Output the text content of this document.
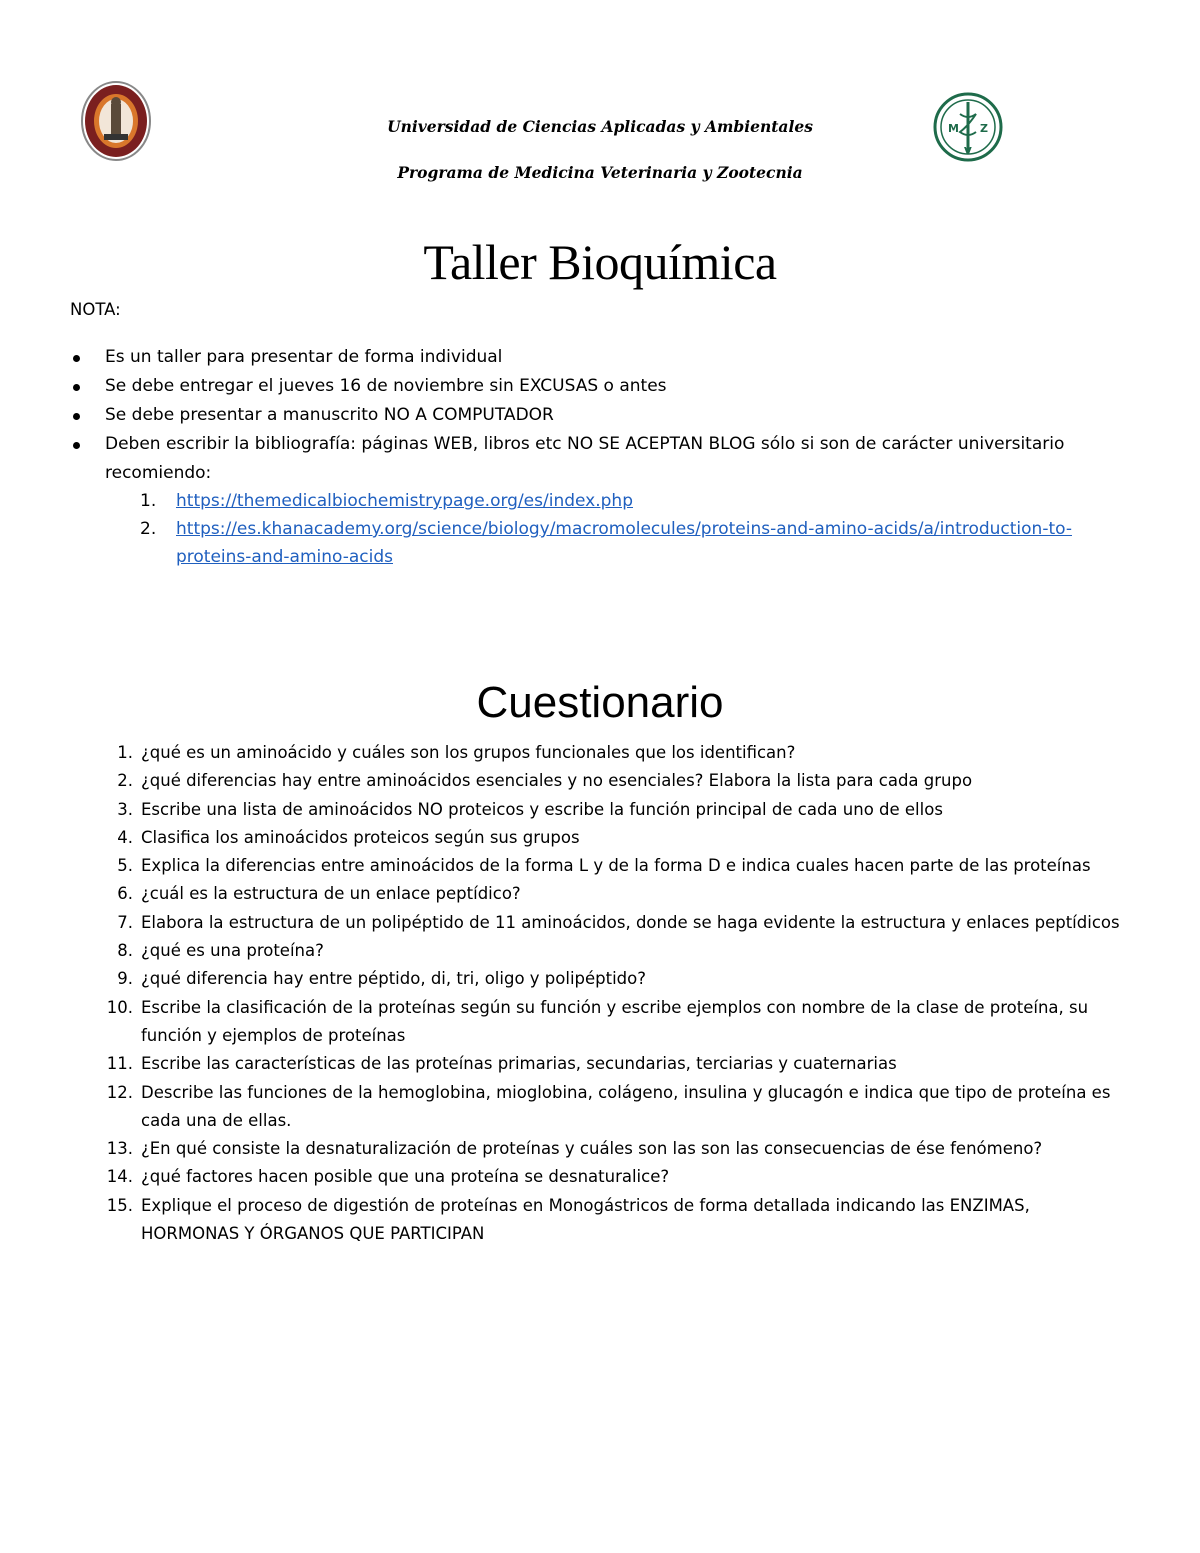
M Z
V
Universidad de Ciencias Aplicadas y Ambientales
Programa de Medicina Veterinaria y Zootecnia
Taller Bioquímica
NOTA:
Es un taller para presentar de forma individual
Se debe entregar el jueves 16 de noviembre sin EXCUSAS o antes
Se debe presentar a manuscrito NO A COMPUTADOR
Deben escribir la bibliografía: páginas WEB, libros etc NO SE ACEPTAN BLOG sólo si son de carácter universitario recomiendo:
1. https://themedicalbiochemistrypage.org/es/index.php
2. https://es.khanacademy.org/science/biology/macromolecules/proteins-and-amino-acids/a/introduction-to-proteins-and-amino-acids
Cuestionario
1. ¿qué es un aminoácido y cuáles son los grupos funcionales que los identifican?
2. ¿qué diferencias hay entre aminoácidos esenciales y no esenciales? Elabora la lista para cada grupo
3. Escribe una lista de aminoácidos NO proteicos y escribe la función principal de cada uno de ellos
4. Clasifica los aminoácidos proteicos según sus grupos
5. Explica la diferencias entre aminoácidos de la forma L y de la forma D e indica cuales hacen parte de las proteínas
6. ¿cuál es la estructura de un enlace peptídico?
7. Elabora la estructura de un polipéptido de 11 aminoácidos, donde se haga evidente la estructura y enlaces peptídicos
8. ¿qué es una proteína?
9. ¿qué diferencia hay entre péptido, di, tri, oligo y polipéptido?
10. Escribe la clasificación de la proteínas según su función y escribe ejemplos con nombre de la clase de proteína, su función y ejemplos de proteínas
11. Escribe las características de las proteínas primarias, secundarias, terciarias y cuaternarias
12. Describe las funciones de la hemoglobina, mioglobina, colágeno, insulina y glucagón e indica que tipo de proteína es cada una de ellas.
13. ¿En qué consiste la desnaturalización de proteínas y cuáles son las son las consecuencias de ése fenómeno?
14. ¿qué factores hacen posible que una proteína se desnaturalice?
15. Explique el proceso de digestión de proteínas en Monogástricos de forma detallada indicando las ENZIMAS, HORMONAS Y ÓRGANOS QUE PARTICIPAN
